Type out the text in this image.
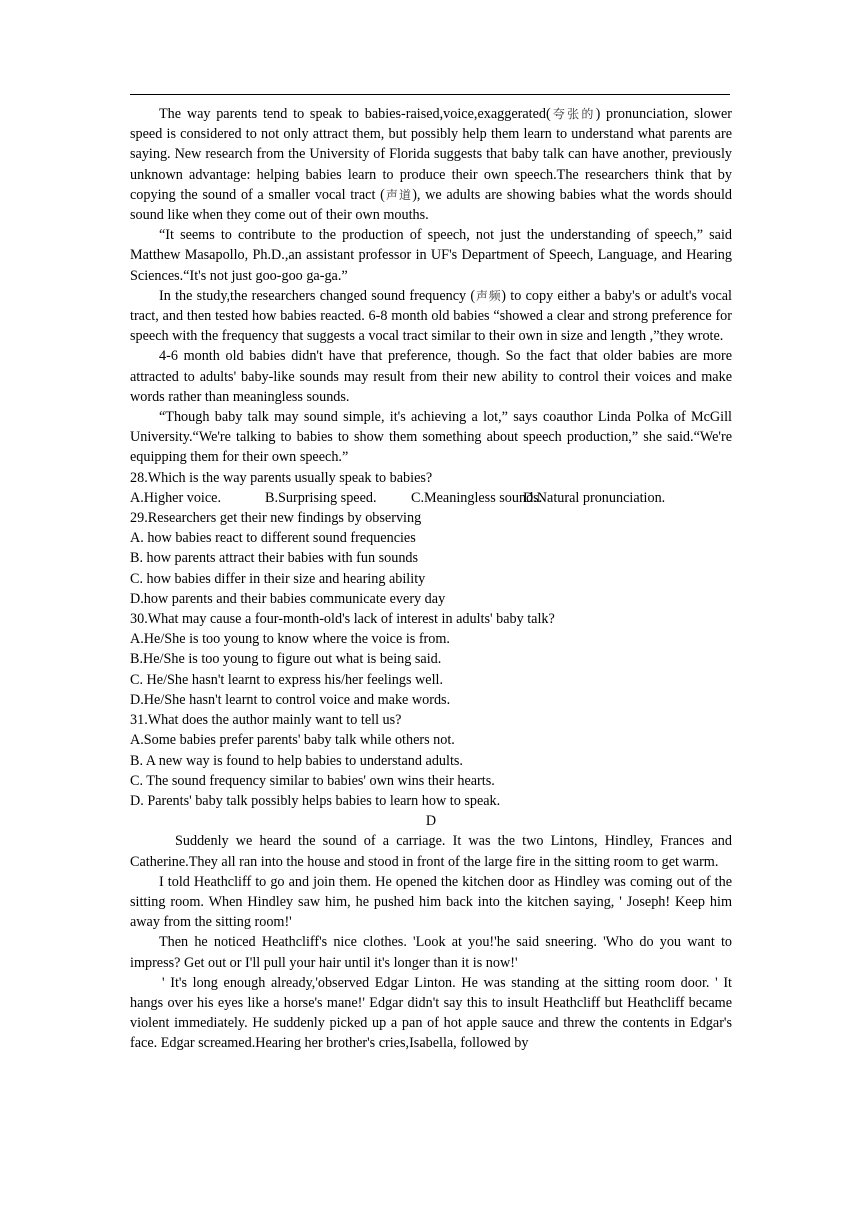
The way parents tend to speak to babies-raised,voice,exaggerated(夸张的) pronunciation, slower speed is considered to not only attract them, but possibly help them learn to understand what parents are saying. New research from the University of Florida suggests that baby talk can have another, previously unknown advantage: helping babies learn to produce their own speech.The researchers think that by copying the sound of a smaller vocal tract (声道), we adults are showing babies what the words should sound like when they come out of their own mouths.

“It seems to contribute to the production of speech, not just the understanding of speech,” said Matthew Masapollo, Ph.D.,an assistant professor in UF's Department of Speech, Language, and Hearing Sciences.“It's not just goo-goo ga-ga.”

In the study,the researchers changed sound frequency (声频) to copy either a baby's or adult's vocal tract, and then tested how babies reacted. 6-8 month old babies “showed a clear and strong preference for speech with the frequency that suggests a vocal tract similar to their own in size and length ,”they wrote.

4-6 month old babies didn't have that preference, though. So the fact that older babies are more attracted to adults' baby-like sounds may result from their new ability to control their voices and make words rather than meaningless sounds.

“Though baby talk may sound simple, it's achieving a lot,” says coauthor Linda Polka of McGill University.“We're talking to babies to show them something about speech production,” she said.“We're equipping them for their own speech.”

28.Which is the way parents usually speak to babies?

A.Higher voice.	B.Surprising speed.	C.Meaningless sounds.
D.Natural pronunciation.

29.Researchers get their new findings by observing

A. how babies react to different sound frequencies

B. how parents attract their babies with fun sounds

C. how babies differ in their size and hearing ability

D.how parents and their babies communicate every day

30.What may cause a four-month-old's lack of interest in adults' baby talk?

A.He/She is too young to know where the voice is from.

B.He/She is too young to figure out what is being said.

C. He/She hasn't learnt to express his/her feelings well.

D.He/She hasn't learnt to control voice and make words.

31.What does the author mainly want to tell us?

A.Some babies prefer parents' baby talk while others not.

B. A new way is found to help babies to understand adults.

C. The sound frequency similar to babies' own wins their hearts.

D. Parents' baby talk possibly helps babies to learn how to speak.

D

Suddenly we heard the sound of a carriage. It was the two Lintons, Hindley, Frances and Catherine.They all ran into the house and stood in front of the large fire in the sitting room to get warm.

I told Heathcliff to go and join them. He opened the kitchen door as Hindley was coming out of the sitting room. When Hindley saw him, he pushed him back into the kitchen saying, ' Joseph! Keep him away from the sitting room!'

Then he noticed Heathcliff's nice clothes. 'Look at you!'he said sneering. 'Who do you want to impress? Get out or I'll pull your hair until it's longer than it is now!'

' It's long enough already,'observed Edgar Linton. He was standing at the sitting room door. ' It hangs over his eyes like a horse's mane!' Edgar didn't say this to insult Heathcliff but Heathcliff became violent immediately. He suddenly picked up a pan of hot apple sauce and threw the contents in Edgar's face. Edgar screamed.Hearing her brother's cries,Isabella, followed by
